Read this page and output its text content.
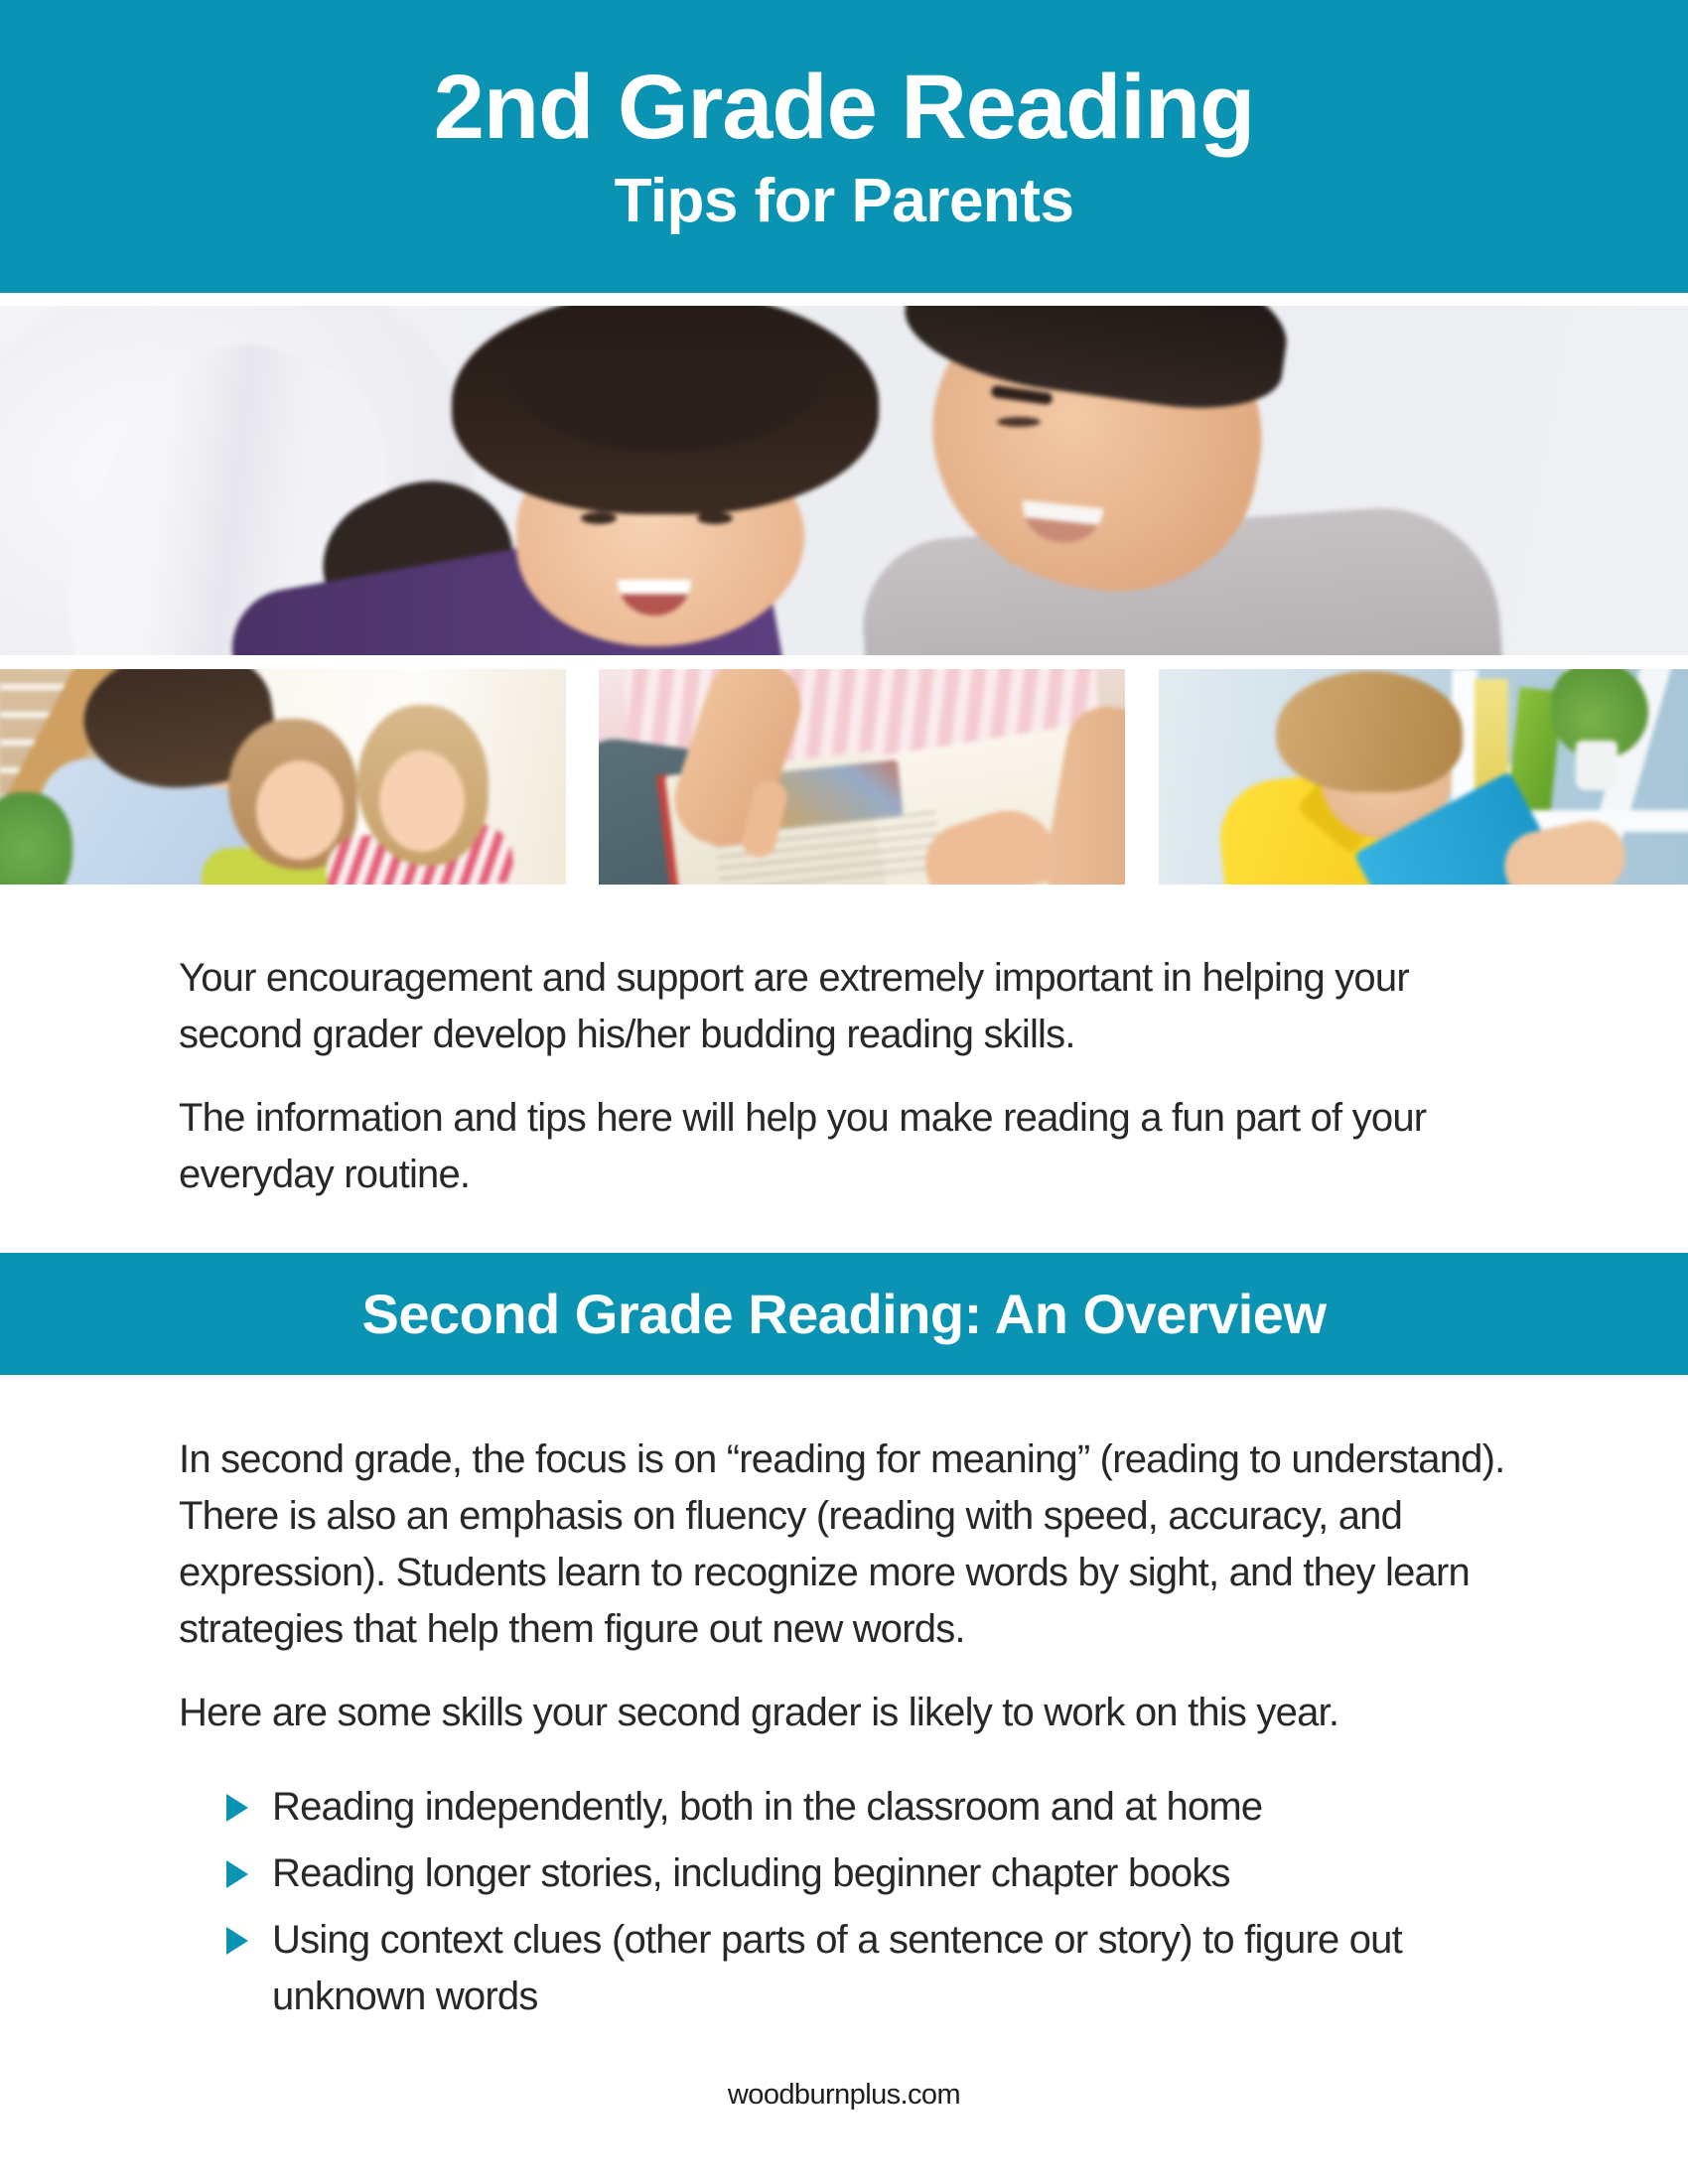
2nd Grade Reading
Tips for Parents

Your encouragement and support are extremely important in helping your second grader develop his/her budding reading skills.

The information and tips here will help you make reading a fun part of your everyday routine.

Second Grade Reading: An Overview

In second grade, the focus is on “reading for meaning” (reading to understand). There is also an emphasis on fluency (reading with speed, accuracy, and expression). Students learn to recognize more words by sight, and they learn strategies that help them figure out new words.

Here are some skills your second grader is likely to work on this year.

Reading independently, both in the classroom and at home
Reading longer stories, including beginner chapter books
Using context clues (other parts of a sentence or story) to figure out unknown words
woodburnplus.com
